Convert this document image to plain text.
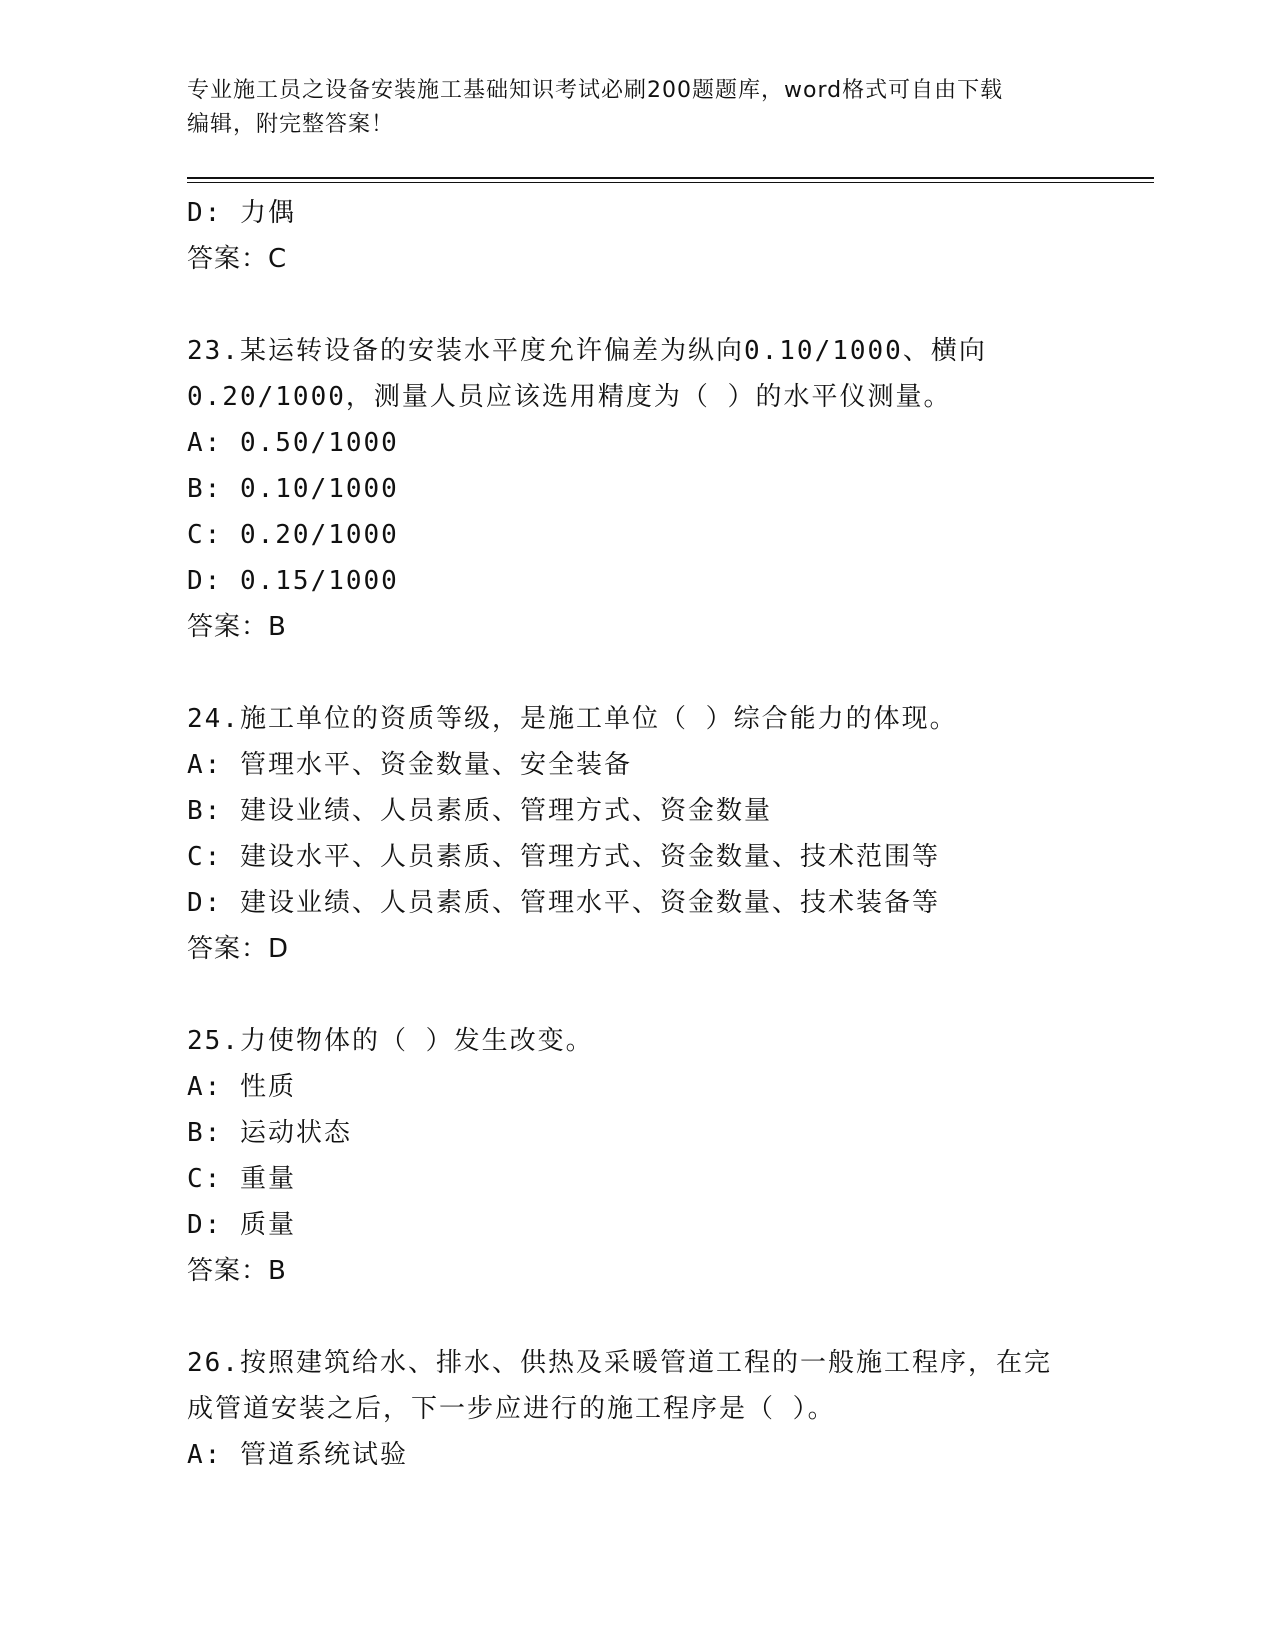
专业施工员之设备安装施工基础知识考试必刷200题题库，word格式可自由下载
编辑，附完整答案！
D: 力偶
答案：C
23.某运转设备的安装水平度允许偏差为纵向0.10/1000、横向
0.20/1000，测量人员应该选用精度为（ ）的水平仪测量。
A: 0.50/1000
B: 0.10/1000
C: 0.20/1000
D: 0.15/1000
答案：B
24.施工单位的资质等级，是施工单位（ ）综合能力的体现。
A: 管理水平、资金数量、安全装备
B: 建设业绩、人员素质、管理方式、资金数量
C: 建设水平、人员素质、管理方式、资金数量、技术范围等
D: 建设业绩、人员素质、管理水平、资金数量、技术装备等
答案：D
25.力使物体的（ ）发生改变。
A: 性质
B: 运动状态
C: 重量
D: 质量
答案：B
26.按照建筑给水、排水、供热及采暖管道工程的一般施工程序，在完
成管道安装之后，下一步应进行的施工程序是（ ）。
A: 管道系统试验
